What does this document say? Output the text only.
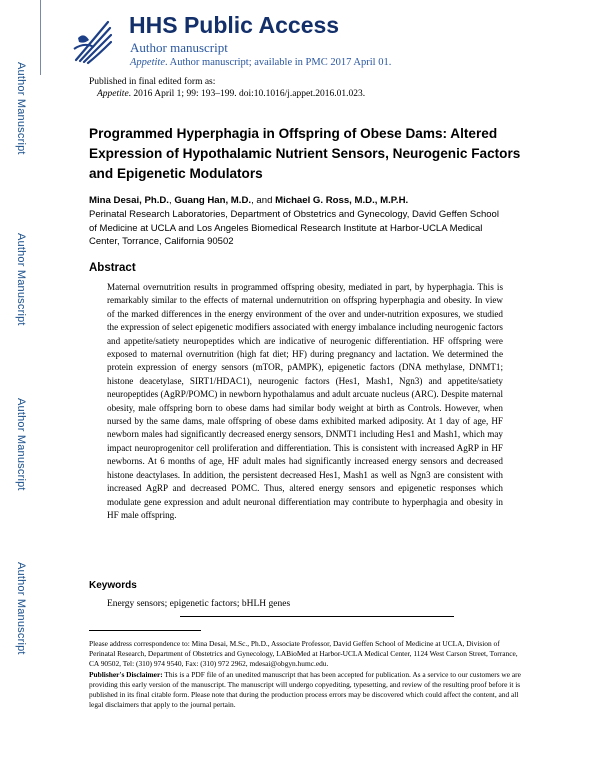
Author Manuscript
Author Manuscript
Author Manuscript
Author Manuscript
HHS Public Access
Author manuscript
Appetite. Author manuscript; available in PMC 2017 April 01.
Published in final edited form as:
Appetite. 2016 April 1; 99: 193–199. doi:10.1016/j.appet.2016.01.023.
Programmed Hyperphagia in Offspring of Obese Dams: Altered Expression of Hypothalamic Nutrient Sensors, Neurogenic Factors and Epigenetic Modulators
Mina Desai, Ph.D., Guang Han, M.D., and Michael G. Ross, M.D., M.P.H.
Perinatal Research Laboratories, Department of Obstetrics and Gynecology, David Geffen School of Medicine at UCLA and Los Angeles Biomedical Research Institute at Harbor-UCLA Medical Center, Torrance, California 90502
Abstract
Maternal overnutrition results in programmed offspring obesity, mediated in part, by hyperphagia. This is remarkably similar to the effects of maternal undernutrition on offspring hyperphagia and obesity. In view of the marked differences in the energy environment of the over and under-nutrition exposures, we studied the expression of select epigenetic modifiers associated with energy imbalance including neurogenic factors and appetite/satiety neuropeptides which are indicative of neurogenic differentiation. HF offspring were exposed to maternal overnutrition (high fat diet; HF) during pregnancy and lactation. We determined the protein expression of energy sensors (mTOR, pAMPK), epigenetic factors (DNA methylase, DNMT1; histone deacetylase, SIRT1/HDAC1), neurogenic factors (Hes1, Mash1, Ngn3) and appetite/satiety neuropeptides (AgRP/POMC) in newborn hypothalamus and adult arcuate nucleus (ARC). Despite maternal obesity, male offspring born to obese dams had similar body weight at birth as Controls. However, when nursed by the same dams, male offspring of obese dams exhibited marked adiposity. At 1 day of age, HF newborn males had significantly decreased energy sensors, DNMT1 including Hes1 and Mash1, which may impact neuroprogenitor cell proliferation and differentiation. This is consistent with increased AgRP in HF newborns. At 6 months of age, HF adult males had significantly increased energy sensors and decreased histone deactylases. In addition, the persistent decreased Hes1, Mash1 as well as Ngn3 are consistent with increased AgRP and decreased POMC. Thus, altered energy sensors and epigenetic responses which modulate gene expression and adult neuronal differentiation may contribute to hyperphagia and obesity in HF male offspring.
Keywords
Energy sensors; epigenetic factors; bHLH genes
Please address correspondence to: Mina Desai, M.Sc., Ph.D., Associate Professor, David Geffen School of Medicine at UCLA, Division of Perinatal Research, Department of Obstetrics and Gynecology, LABioMed at Harbor-UCLA Medical Center, 1124 West Carson Street, Torrance, CA 90502, Tel: (310) 974 9540, Fax: (310) 972 2962, mdesai@obgyn.humc.edu.
Publisher's Disclaimer: This is a PDF file of an unedited manuscript that has been accepted for publication. As a service to our customers we are providing this early version of the manuscript. The manuscript will undergo copyediting, typesetting, and review of the resulting proof before it is published in its final citable form. Please note that during the production process errors may be discovered which could affect the content, and all legal disclaimers that apply to the journal pertain.
